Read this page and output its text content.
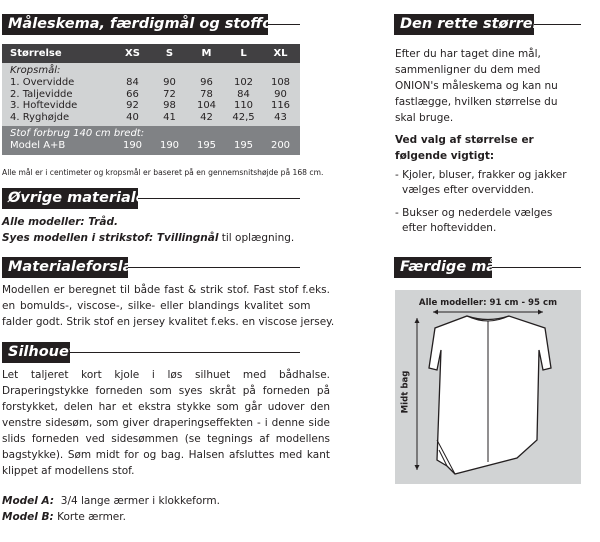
Måleskema, færdigmål og stofforbrug
Størrelse	XS	S	M	L	XL
Kropsmål:
1. Overvidde	84	90	96	102	108
2. Taljevidde	66	72	78	84	90
3. Hoftevidde	92	98	104	110	116
4. Ryghøjde	40	41	42	42,5	43
Stof forbrug 140 cm bredt:
Model A+B	190	190	195	195	200
Alle mål er i centimeter og kropsmål er baseret på en gennemsnitshøjde på 168 cm.
Øvrige materialer
Alle modeller: Tråd.
Syes modellen i strikstof: Tvillingnål til oplægning.
Materialeforslag
Modellen er beregnet til både fast & strik stof. Fast stof f.eks.
en bomulds-, viscose-, silke- eller blandings kvalitet som
falder godt. Strik stof en jersey kvalitet f.eks. en viscose jersey.
Silhouet
Let taljeret kort kjole i løs silhuet med bådhalse.
Draperingstykke forneden som syes skråt på forneden på
forstykket, delen har et ekstra stykke som går udover den
venstre sidesøm, som giver draperingseffekten - i denne side
slids forneden ved sidesømmen (se tegnings af modellens
bagstykke). Søm midt for og bag. Halsen afsluttes med kant
klippet af modellens stof.
Model A: 3/4 lange ærmer i klokkeform.
Model B: Korte ærmer.
Den rette størrelse
Efter du har taget dine mål,
sammenligner du dem med
ONION's måleskema og kan nu
fastlægge, hvilken størrelse du
skal bruge.
Ved valg af størrelse er
følgende vigtigt:
- Kjoler, bluser, frakker og jakker
vælges efter overvidden.
- Bukser og nederdele vælges
efter hoftevidden.
Færdige mål
Alle modeller: 91 cm - 95 cm
Midt bag
